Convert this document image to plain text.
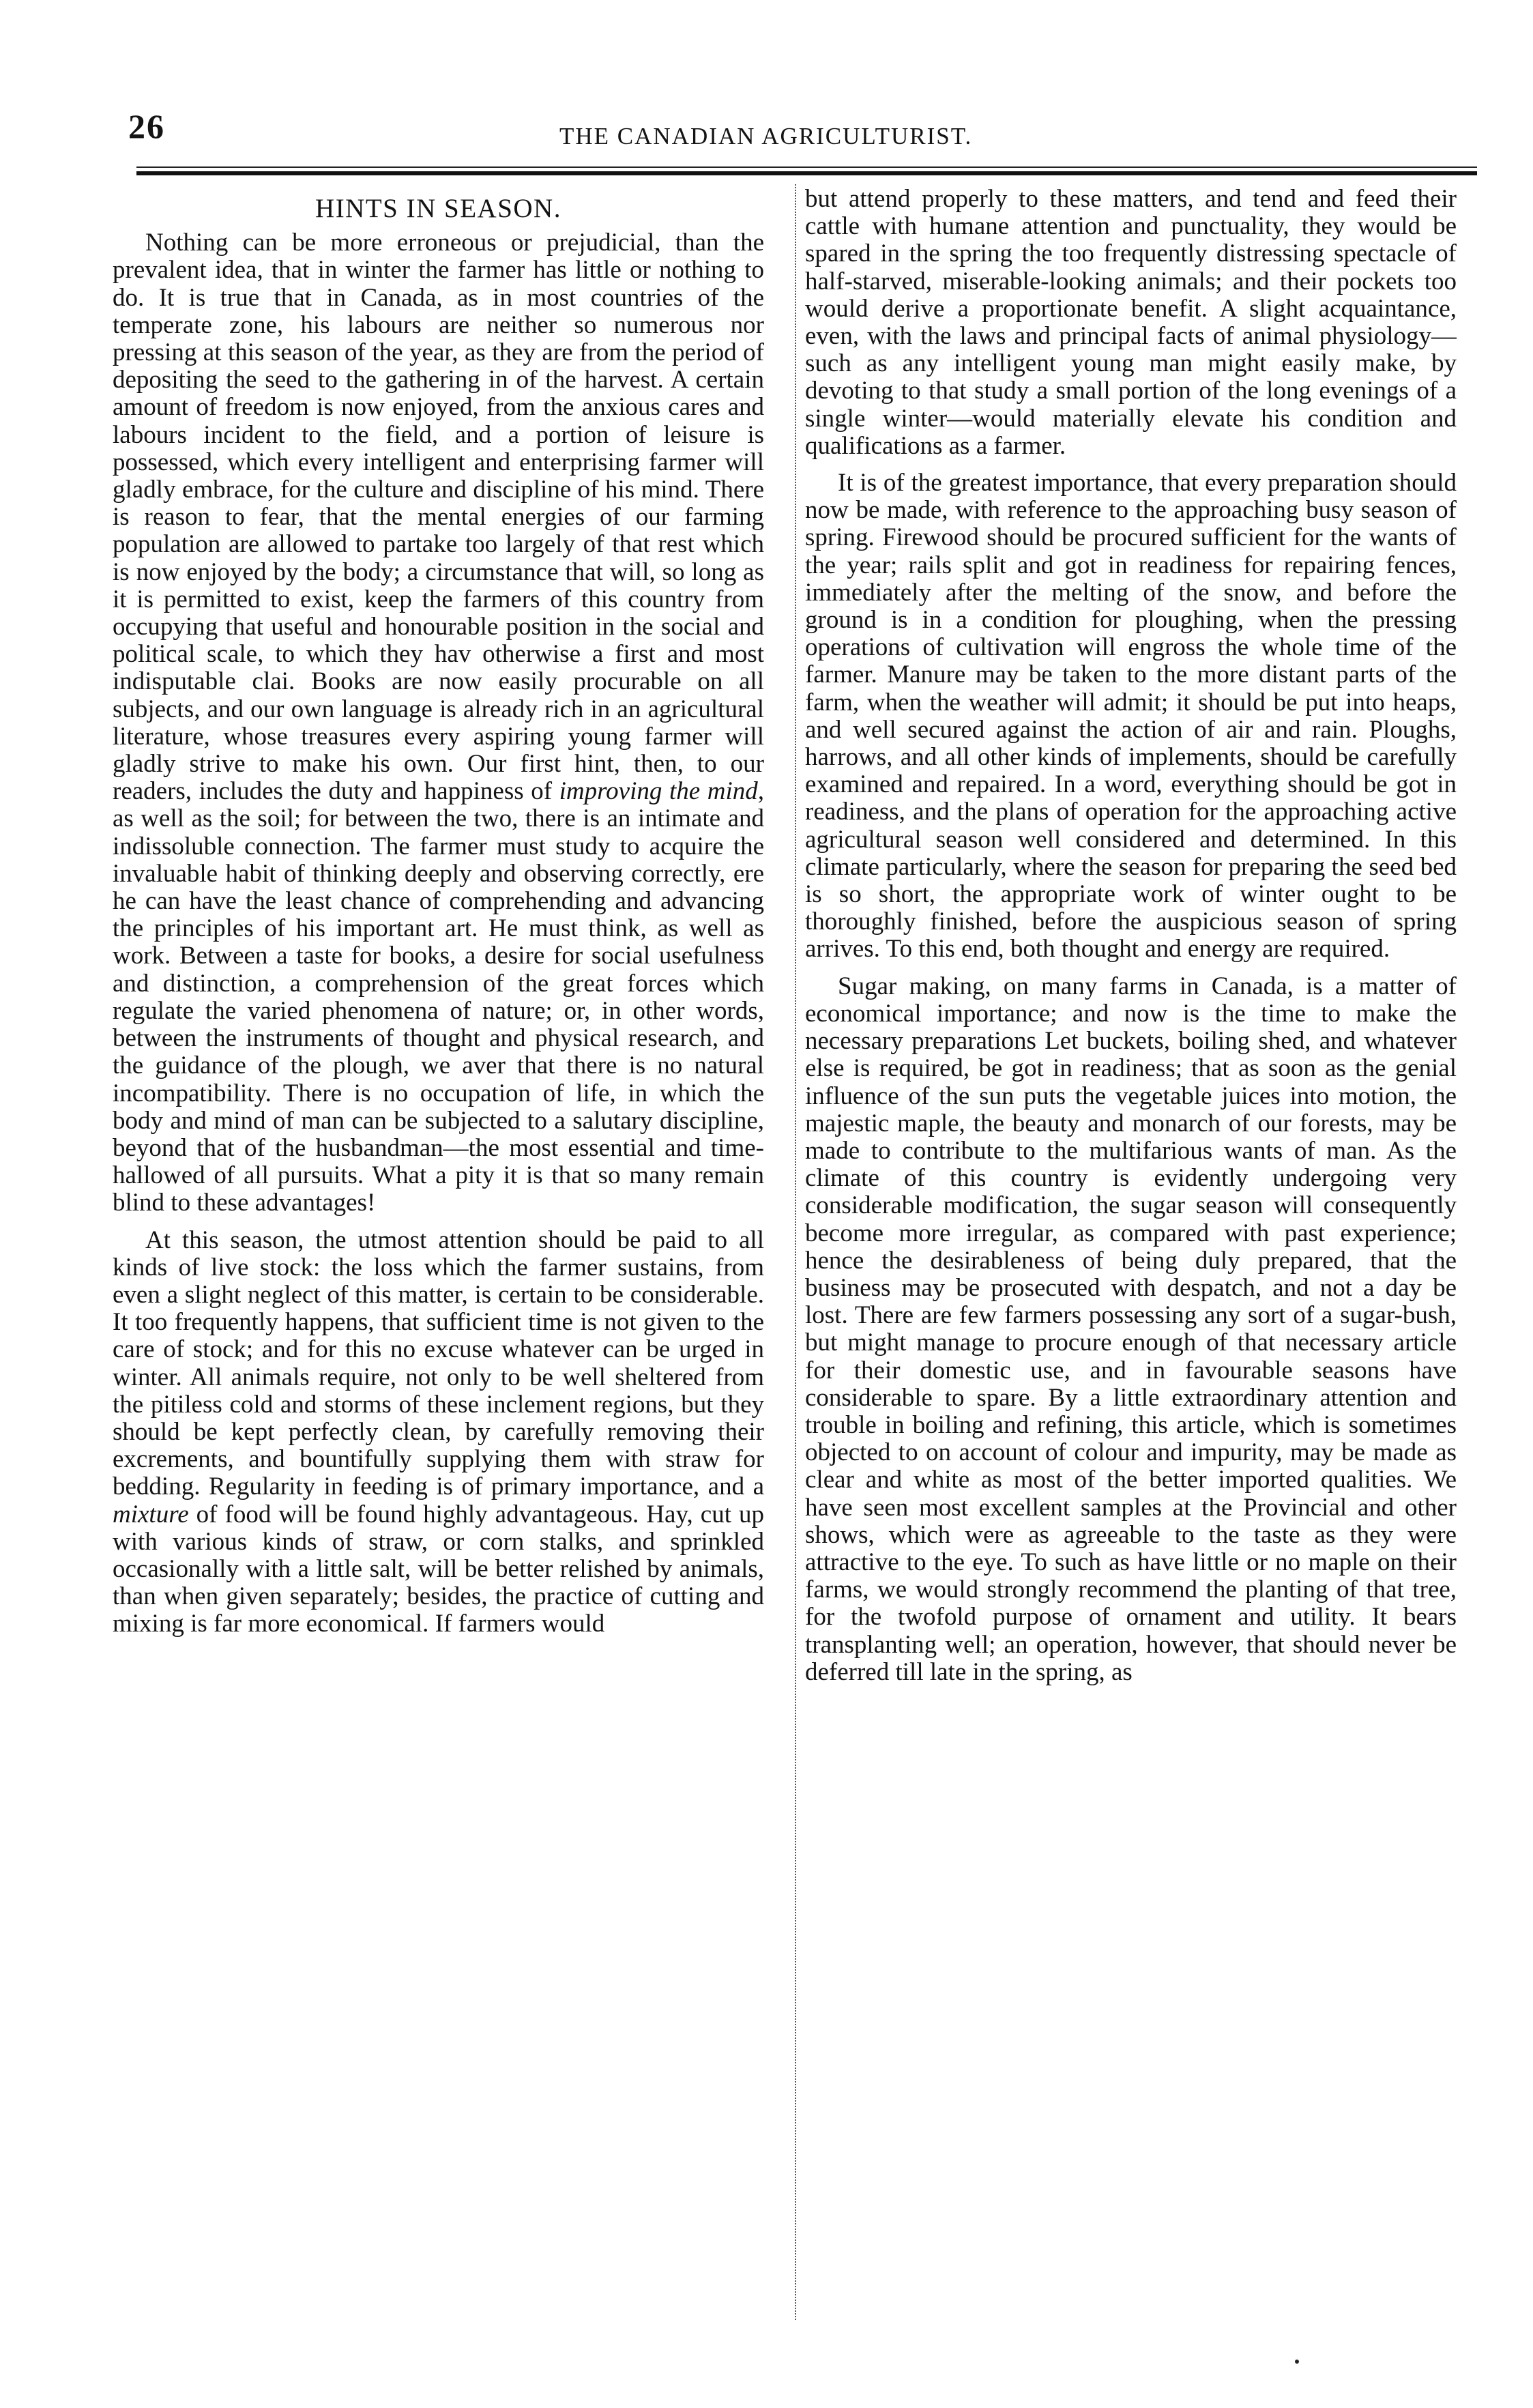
26	THE CANADIAN AGRICULTURIST.
HINTS IN SEASON.

Nothing can be more erroneous or prejudicial, than the prevalent idea, that in winter the farmer has little or nothing to do. It is true that in Canada, as in most countries of the temperate zone, his labours are neither so numerous nor pressing at this season of the year, as they are from the period of depositing the seed to the gathering in of the harvest. A certain amount of freedom is now enjoyed, from the anxious cares and labours incident to the field, and a portion of leisure is possessed, which every intelligent and enterprising farmer will gladly embrace, for the culture and discipline of his mind. There is reason to fear, that the mental energies of our farming population are allowed to partake too largely of that rest which is now enjoyed by the body; a circumstance that will, so long as it is permitted to exist, keep the farmers of this country from occupying that useful and honourable position in the social and political scale, to which they hav otherwise a first and most indisputable clai. Books are now easily procurable on all subjects, and our own language is already rich in an agricultural literature, whose treasures every aspiring young farmer will gladly strive to make his own. Our first hint, then, to our readers, includes the duty and happiness of improving the mind, as well as the soil; for between the two, there is an intimate and indissoluble connection. The farmer must study to acquire the invaluable habit of thinking deeply and observing correctly, ere he can have the least chance of comprehending and advancing the principles of his important art. He must think, as well as work. Between a taste for books, a desire for social usefulness and distinction, a comprehension of the great forces which regulate the varied phenomena of nature; or, in other words, between the instruments of thought and physical research, and the guidance of the plough, we aver that there is no natural incompatibility. There is no occupation of life, in which the body and mind of man can be subjected to a salutary discipline, beyond that of the husbandman—the most essential and time-hallowed of all pursuits. What a pity it is that so many remain blind to these advantages!

At this season, the utmost attention should be paid to all kinds of live stock: the loss which the farmer sustains, from even a slight neglect of this matter, is certain to be considerable. It too frequently happens, that sufficient time is not given to the care of stock; and for this no excuse whatever can be urged in winter. All animals require, not only to be well sheltered from the pitiless cold and storms of these inclement regions, but they should be kept perfectly clean, by carefully removing their excrements, and bountifully supplying them with straw for bedding. Regularity in feeding is of primary importance, and a mixture of food will be found highly advantageous. Hay, cut up with various kinds of straw, or corn stalks, and sprinkled occasionally with a little salt, will be better relished by animals, than when given separately; besides, the practice of cutting and mixing is far more economical. If farmers would

but attend properly to these matters, and tend and feed their cattle with humane attention and punctuality, they would be spared in the spring the too frequently distressing spectacle of half-starved, miserable-looking animals; and their pockets too would derive a proportionate benefit. A slight acquaintance, even, with the laws and principal facts of animal physiology—such as any intelligent young man might easily make, by devoting to that study a small portion of the long evenings of a single winter—would materially elevate his condition and qualifications as a farmer.

It is of the greatest importance, that every preparation should now be made, with reference to the approaching busy season of spring. Firewood should be procured sufficient for the wants of the year; rails split and got in readiness for repairing fences, immediately after the melting of the snow, and before the ground is in a condition for ploughing, when the pressing operations of cultivation will engross the whole time of the farmer. Manure may be taken to the more distant parts of the farm, when the weather will admit; it should be put into heaps, and well secured against the action of air and rain. Ploughs, harrows, and all other kinds of implements, should be carefully examined and repaired. In a word, everything should be got in readiness, and the plans of operation for the approaching active agricultural season well considered and determined. In this climate particularly, where the season for preparing the seed bed is so short, the appropriate work of winter ought to be thoroughly finished, before the auspicious season of spring arrives. To this end, both thought and energy are required.

Sugar making, on many farms in Canada, is a matter of economical importance; and now is the time to make the necessary preparations Let buckets, boiling shed, and whatever else is required, be got in readiness; that as soon as the genial influence of the sun puts the vegetable juices into motion, the majestic maple, the beauty and monarch of our forests, may be made to contribute to the multifarious wants of man. As the climate of this country is evidently undergoing very considerable modification, the sugar season will consequently become more irregular, as compared with past experience; hence the desirableness of being duly prepared, that the business may be prosecuted with despatch, and not a day be lost. There are few farmers possessing any sort of a sugar-bush, but might manage to procure enough of that necessary article for their domestic use, and in favourable seasons have considerable to spare. By a little extraordinary attention and trouble in boiling and refining, this article, which is sometimes objected to on account of colour and impurity, may be made as clear and white as most of the better imported qualities. We have seen most excellent samples at the Provincial and other shows, which were as agreeable to the taste as they were attractive to the eye. To such as have little or no maple on their farms, we would strongly recommend the planting of that tree, for the twofold purpose of ornament and utility. It bears transplanting well; an operation, however, that should never be deferred till late in the spring, as
